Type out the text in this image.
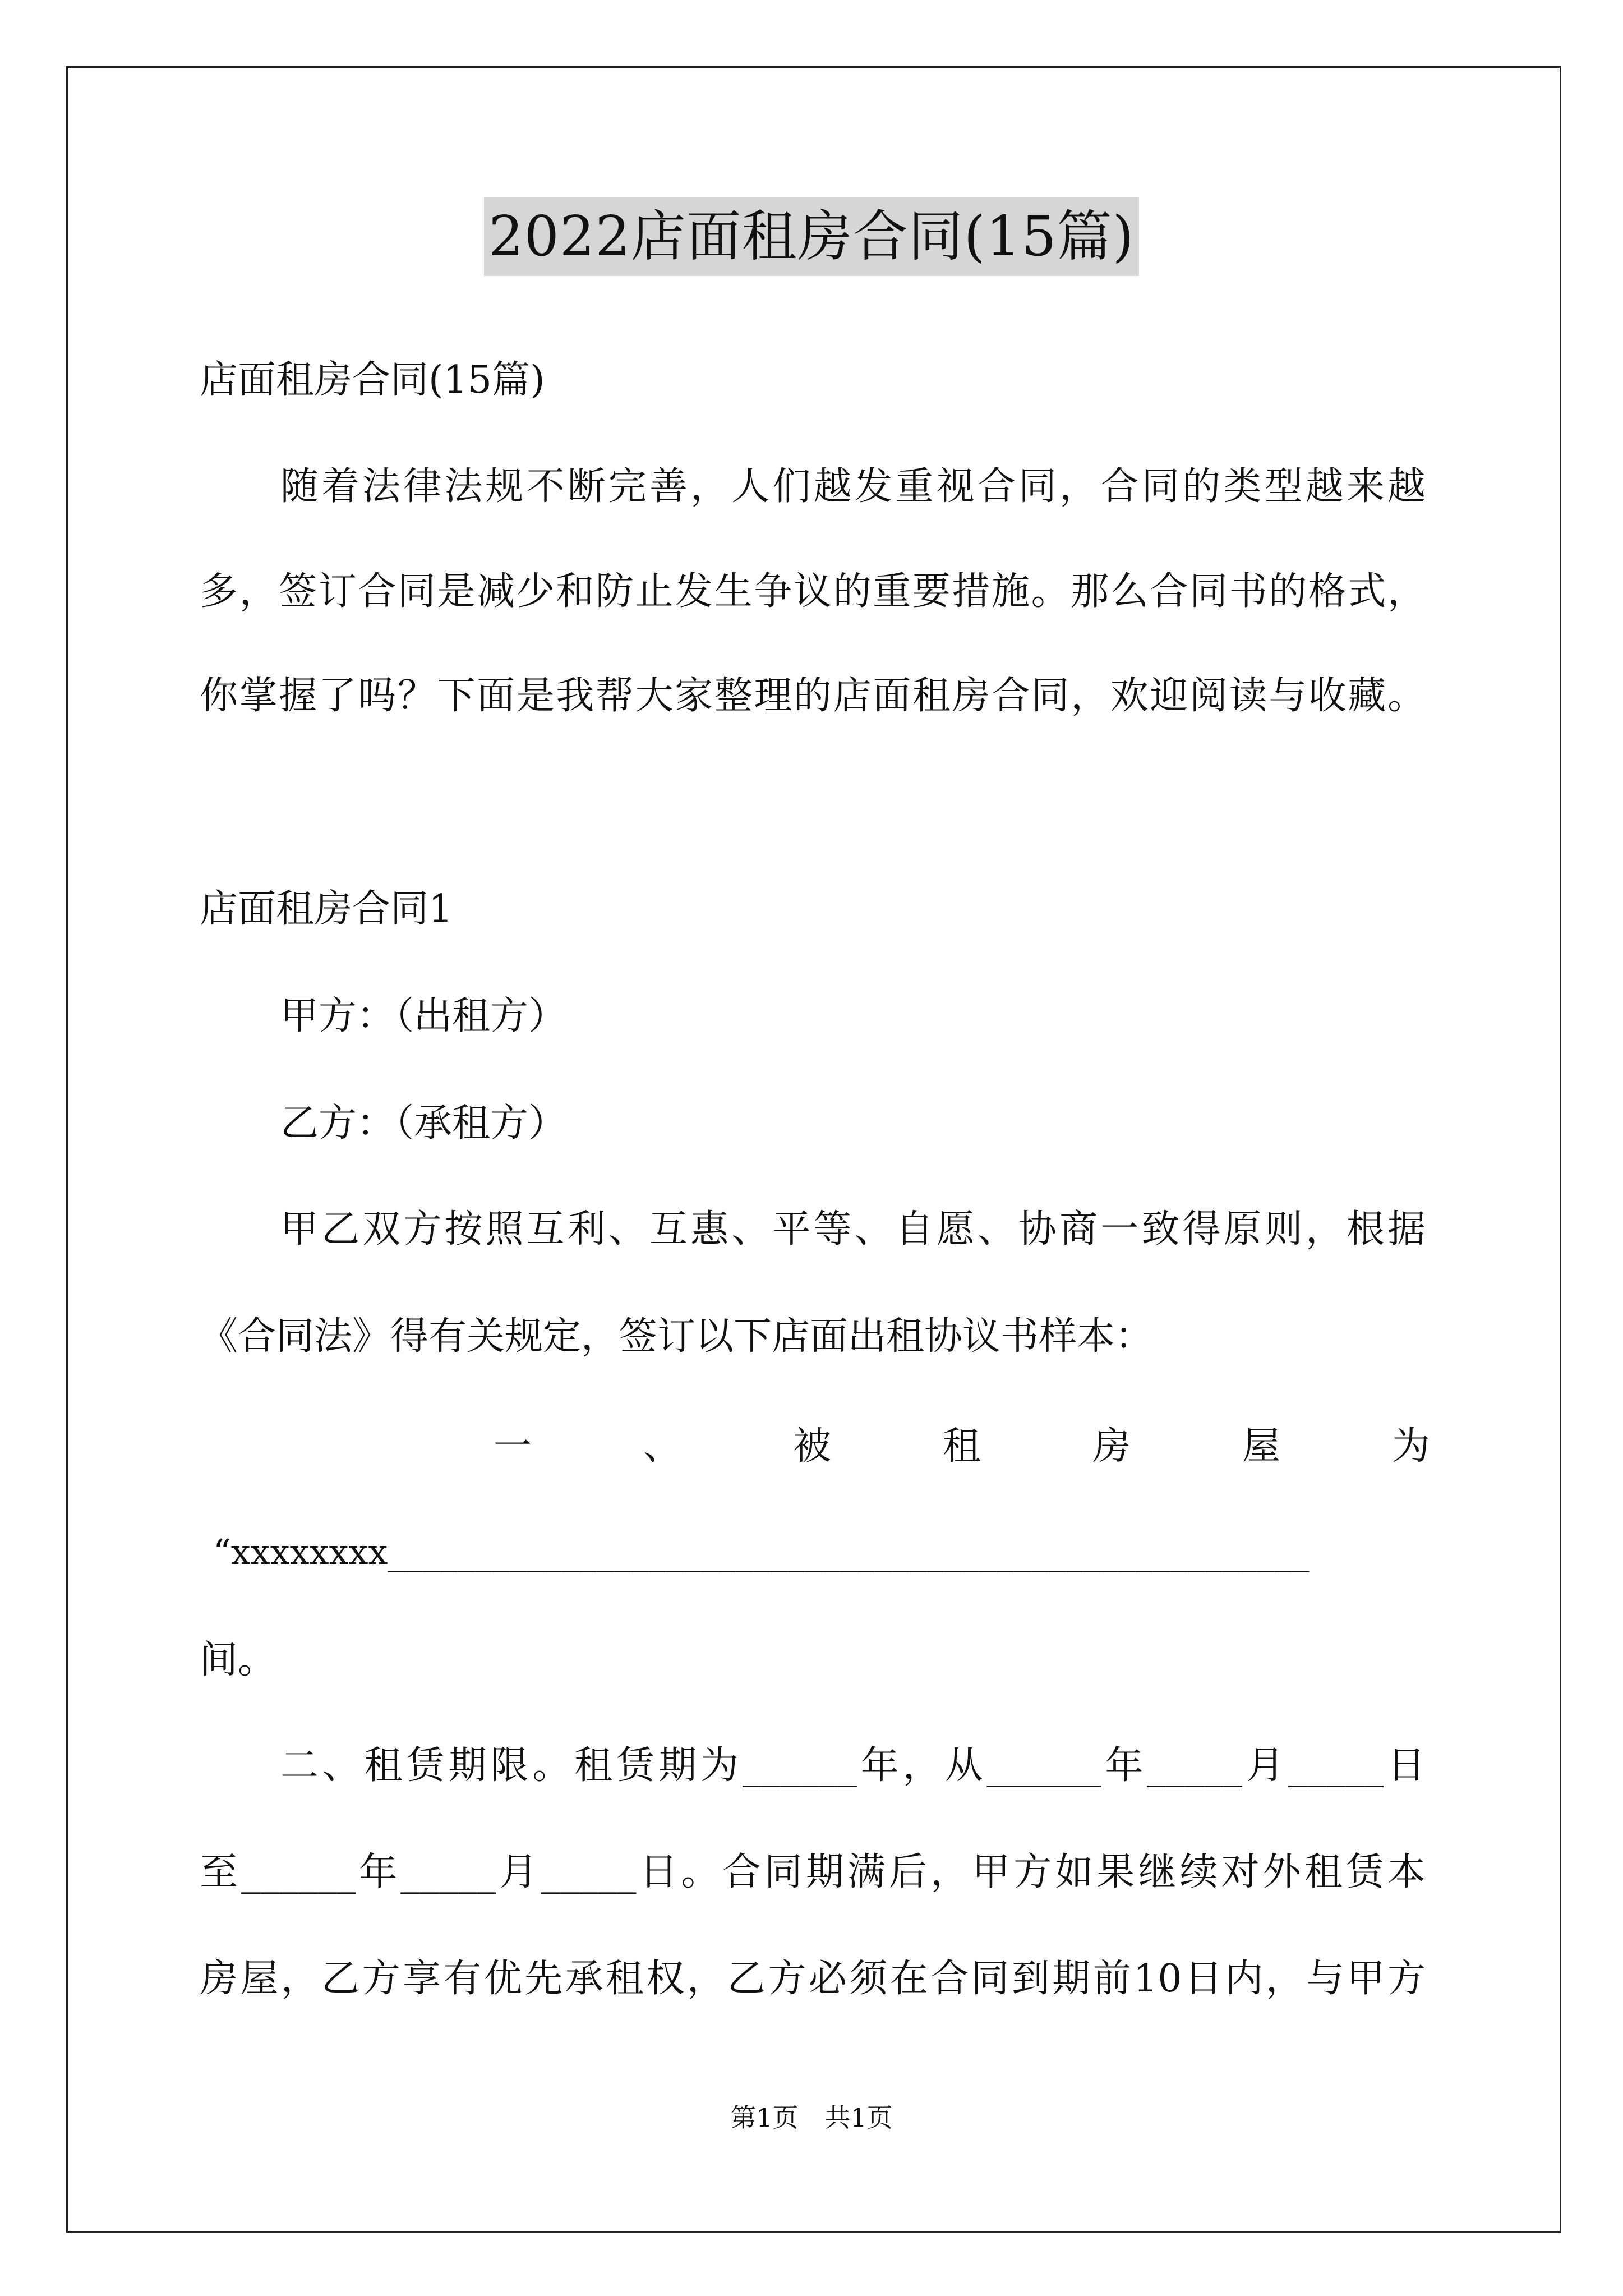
2022店面租房合同(15篇)
店面租房合同(15篇)
随着法律法规不断完善，人们越发重视合同，合同的类型越来越
多，签订合同是减少和防止发生争议的重要措施。那么合同书的格式，
你掌握了吗？下面是我帮大家整理的店面租房合同，欢迎阅读与收藏。
店面租房合同1
甲方：（出租方）
乙方：（承租方）
甲乙双方按照互利、互惠、平等、自愿、协商一致得原则，根据
《合同法》得有关规定，签订以下店面出租协议书样本：
一	、	被	租	房	屋	为
“xxxxxxxx_____________________________________________________
间。
二、租赁期限。租赁期为______年，从______年_____月_____日
至______年_____月_____日。合同期满后，甲方如果继续对外租赁本
房屋，乙方享有优先承租权，乙方必须在合同到期前10日内，与甲方
第1页 共1页
